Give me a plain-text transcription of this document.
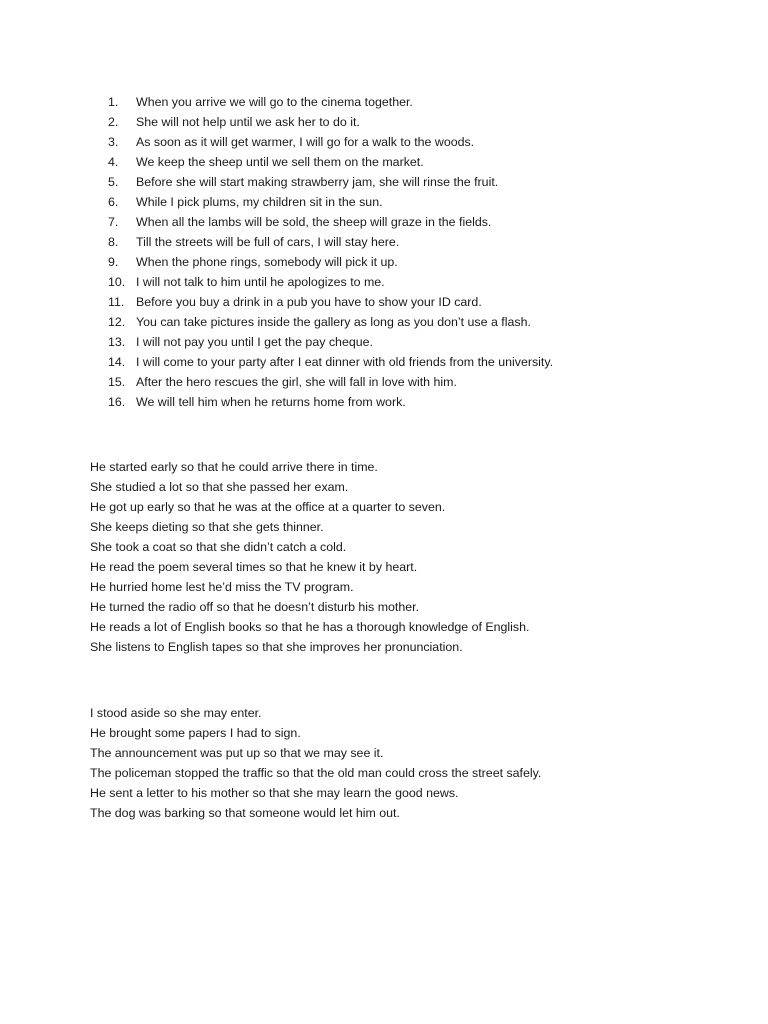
1.	When you arrive we will go to the cinema together.
2.	She will not help until we ask her to do it.
3.	As soon as it will get warmer, I will go for a walk to the woods.
4.	We keep the sheep until we sell them on the market.
5.	Before she will start making strawberry jam, she will rinse the fruit.
6.	While I pick plums, my children sit in the sun.
7.	When all the lambs will be sold, the sheep will graze in the fields.
8.	Till the streets will be full of cars, I will stay here.
9.	When the phone rings, somebody will pick it up.
10. I will not talk to him until he apologizes to me.
11. Before you buy a drink in a pub you have to show your ID card.
12. You can take pictures inside the gallery as long as you don’t use a flash.
13. I will not pay you until I get the pay cheque.
14. I will come to your party after I eat dinner with old friends from the university.
15. After the hero rescues the girl, she will fall in love with him.
16. We will tell him when he returns home from work.

He started early so that he could arrive there in time.

She studied a lot so that she passed her exam.

He got up early so that he was at the office at a quarter to seven.

She keeps dieting so that she gets thinner.

She took a coat so that she didn’t catch a cold.

He read the poem several times so that he knew it by heart.

He hurried home lest he’d miss the TV program.

He turned the radio off so that he doesn’t disturb his mother.

He reads a lot of English books so that he has a thorough knowledge of English.

She listens to English tapes so that she improves her pronunciation.

I stood aside so she may enter.

He brought some papers I had to sign.

The announcement was put up so that we may see it.

The policeman stopped the traffic so that the old man could cross the street safely.

He sent a letter to his mother so that she may learn the good news.

The dog was barking so that someone would let him out.
